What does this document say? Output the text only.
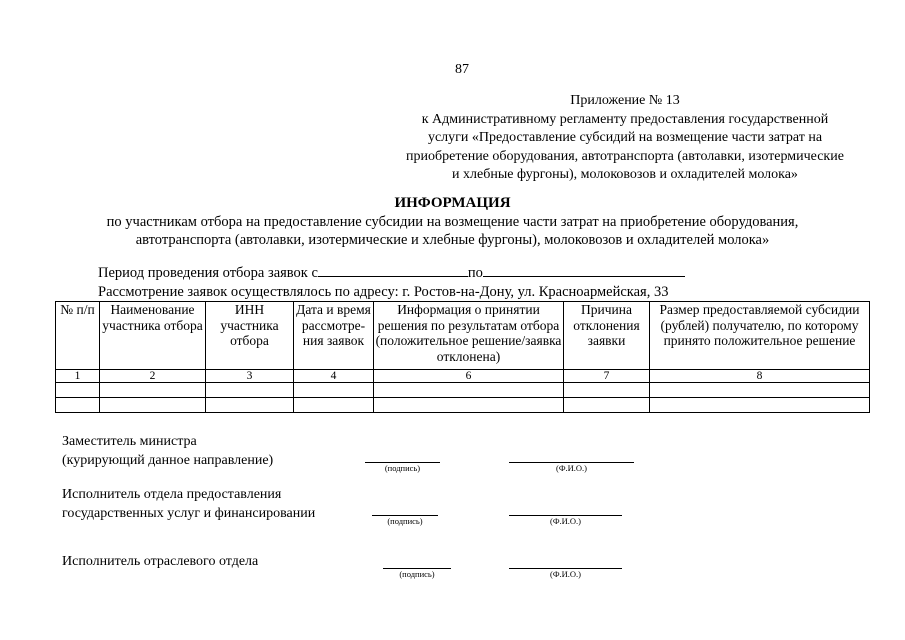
87
Приложение № 13
к Административному регламенту предоставления государственной
услуги «Предоставление субсидий на возмещение части затрат на
приобретение оборудования, автотранспорта (автолавки, изотермические
и хлебные фургоны), молоковозов и охладителей молока»
ИНФОРМАЦИЯ
по участникам отбора на предоставление субсидии на возмещение части затрат на приобретение оборудования,
автотранспорта (автолавки, изотермические и хлебные фургоны), молоковозов и охладителей молока»
Период проведения отбора заявок с	по
Рассмотрение заявок осуществлялось по адресу: г. Ростов-на-Дону, ул. Красноармейская, 33
№ п/п	Наименование участника отбора	ИНН участника отбора	Дата и время рассмотре-ния заявок	Информация о принятии решения по результатам отбора (положительное решение/заявка отклонена)	Причина отклонения заявки	Размер предоставляемой субсидии (рублей) получателю, по которому принято положительное решение
1	2	3	4	6	7	8

Заместитель министра
(курирующий данное направление)	(подпись)	(Ф.И.О.)
Исполнитель отдела предоставления
государственных услуг и финансировании	(подпись)	(Ф.И.О.)
Исполнитель отраслевого отдела
(подпись)	(Ф.И.О.)
